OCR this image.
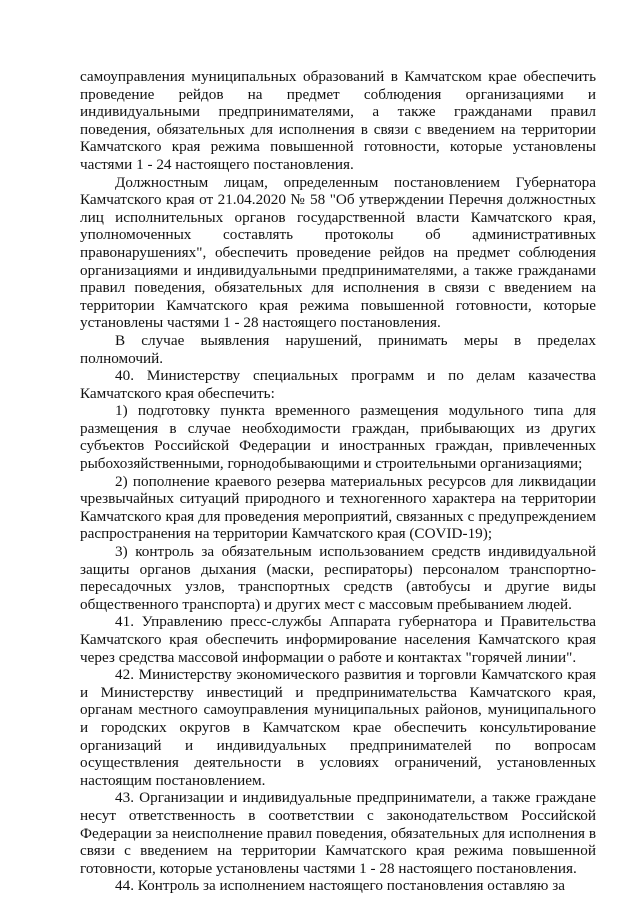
самоуправления муниципальных образований в Камчатском крае обеспечить проведение рейдов на предмет соблюдения организациями и индивидуальными предпринимателями, а также гражданами правил поведения, обязательных для исполнения в связи с введением на территории Камчатского края режима повышенной готовности, которые установлены частями 1 - 24 настоящего постановления.

Должностным лицам, определенным постановлением Губернатора Камчатского края от 21.04.2020 № 58 "Об утверждении Перечня должностных лиц исполнительных органов государственной власти Камчатского края, уполномоченных составлять протоколы об административных правонарушениях", обеспечить проведение рейдов на предмет соблюдения организациями и индивидуальными предпринимателями, а также гражданами правил поведения, обязательных для исполнения в связи с введением на территории Камчатского края режима повышенной готовности, которые установлены частями 1 - 28 настоящего постановления.

В случае выявления нарушений, принимать меры в пределах полномочий.

40. Министерству специальных программ и по делам казачества Камчатского края обеспечить:

1) подготовку пункта временного размещения модульного типа для размещения в случае необходимости граждан, прибывающих из других субъектов Российской Федерации и иностранных граждан, привлеченных рыбохозяйственными, горнодобывающими и строительными организациями;

2) пополнение краевого резерва материальных ресурсов для ликвидации чрезвычайных ситуаций природного и техногенного характера на территории Камчатского края для проведения мероприятий, связанных с предупреждением распространения на территории Камчатского края (COVID-19);

3) контроль за обязательным использованием средств индивидуальной защиты органов дыхания (маски, респираторы) персоналом транспортно-пересадочных узлов, транспортных средств (автобусы и другие виды общественного транспорта) и других мест с массовым пребыванием людей.

41. Управлению пресс-службы Аппарата губернатора и Правительства Камчатского края обеспечить информирование населения Камчатского края через средства массовой информации о работе и контактах "горячей линии".

42. Министерству экономического развития и торговли Камчатского края и Министерству инвестиций и предпринимательства Камчатского края, органам местного самоуправления муниципальных районов, муниципального и городских округов в Камчатском крае обеспечить консультирование организаций и индивидуальных предпринимателей по вопросам осуществления деятельности в условиях ограничений, установленных настоящим постановлением.

43. Организации и индивидуальные предприниматели, а также граждане несут ответственность в соответствии с законодательством Российской Федерации за неисполнение правил поведения, обязательных для исполнения в связи с введением на территории Камчатского края режима повышенной готовности, которые установлены частями 1 - 28 настоящего постановления.

44. Контроль за исполнением настоящего постановления оставляю за
